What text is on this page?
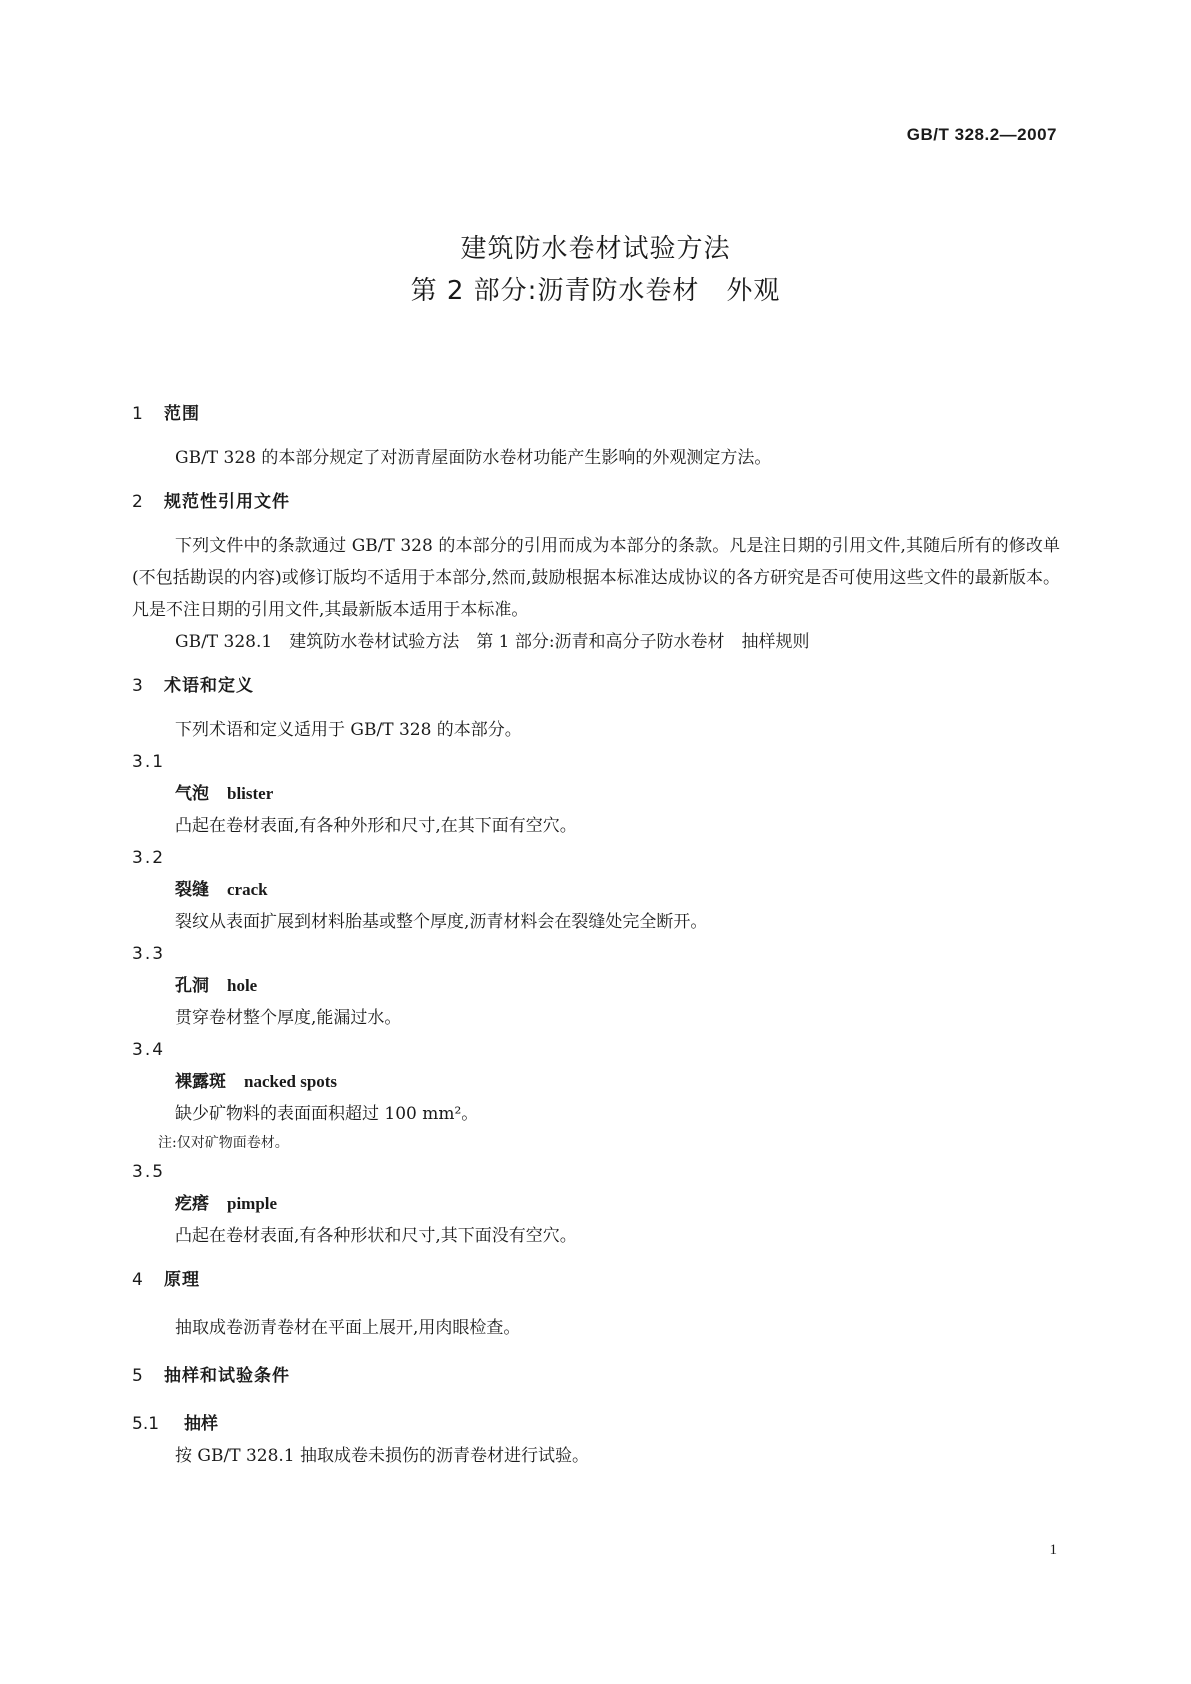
GB/T 328.2—2007
建筑防水卷材试验方法
第 2 部分:沥青防水卷材　外观
1 范围

GB/T 328 的本部分规定了对沥青屋面防水卷材功能产生影响的外观测定方法。

2 规范性引用文件

下列文件中的条款通过 GB/T 328 的本部分的引用而成为本部分的条款。凡是注日期的引用文件,其随后所有的修改单(不包括勘误的内容)或修订版均不适用于本部分,然而,鼓励根据本标准达成协议的各方研究是否可使用这些文件的最新版本。凡是不注日期的引用文件,其最新版本适用于本标准。

GB/T 328.1　建筑防水卷材试验方法　第 1 部分:沥青和高分子防水卷材　抽样规则

3 术语和定义

下列术语和定义适用于 GB/T 328 的本部分。

3.1
气泡 blister
凸起在卷材表面,有各种外形和尺寸,在其下面有空穴。
3.2
裂缝 crack
裂纹从表面扩展到材料胎基或整个厚度,沥青材料会在裂缝处完全断开。
3.3
孔洞 hole
贯穿卷材整个厚度,能漏过水。
3.4
裸露斑 nacked spots
缺少矿物料的表面面积超过 100 mm²。
注:仅对矿物面卷材。
3.5
疙瘩 pimple
凸起在卷材表面,有各种形状和尺寸,其下面没有空穴。
4 原理

抽取成卷沥青卷材在平面上展开,用肉眼检查。

5 抽样和试验条件
5.1 抽样

按 GB/T 328.1 抽取成卷未损伤的沥青卷材进行试验。

1
